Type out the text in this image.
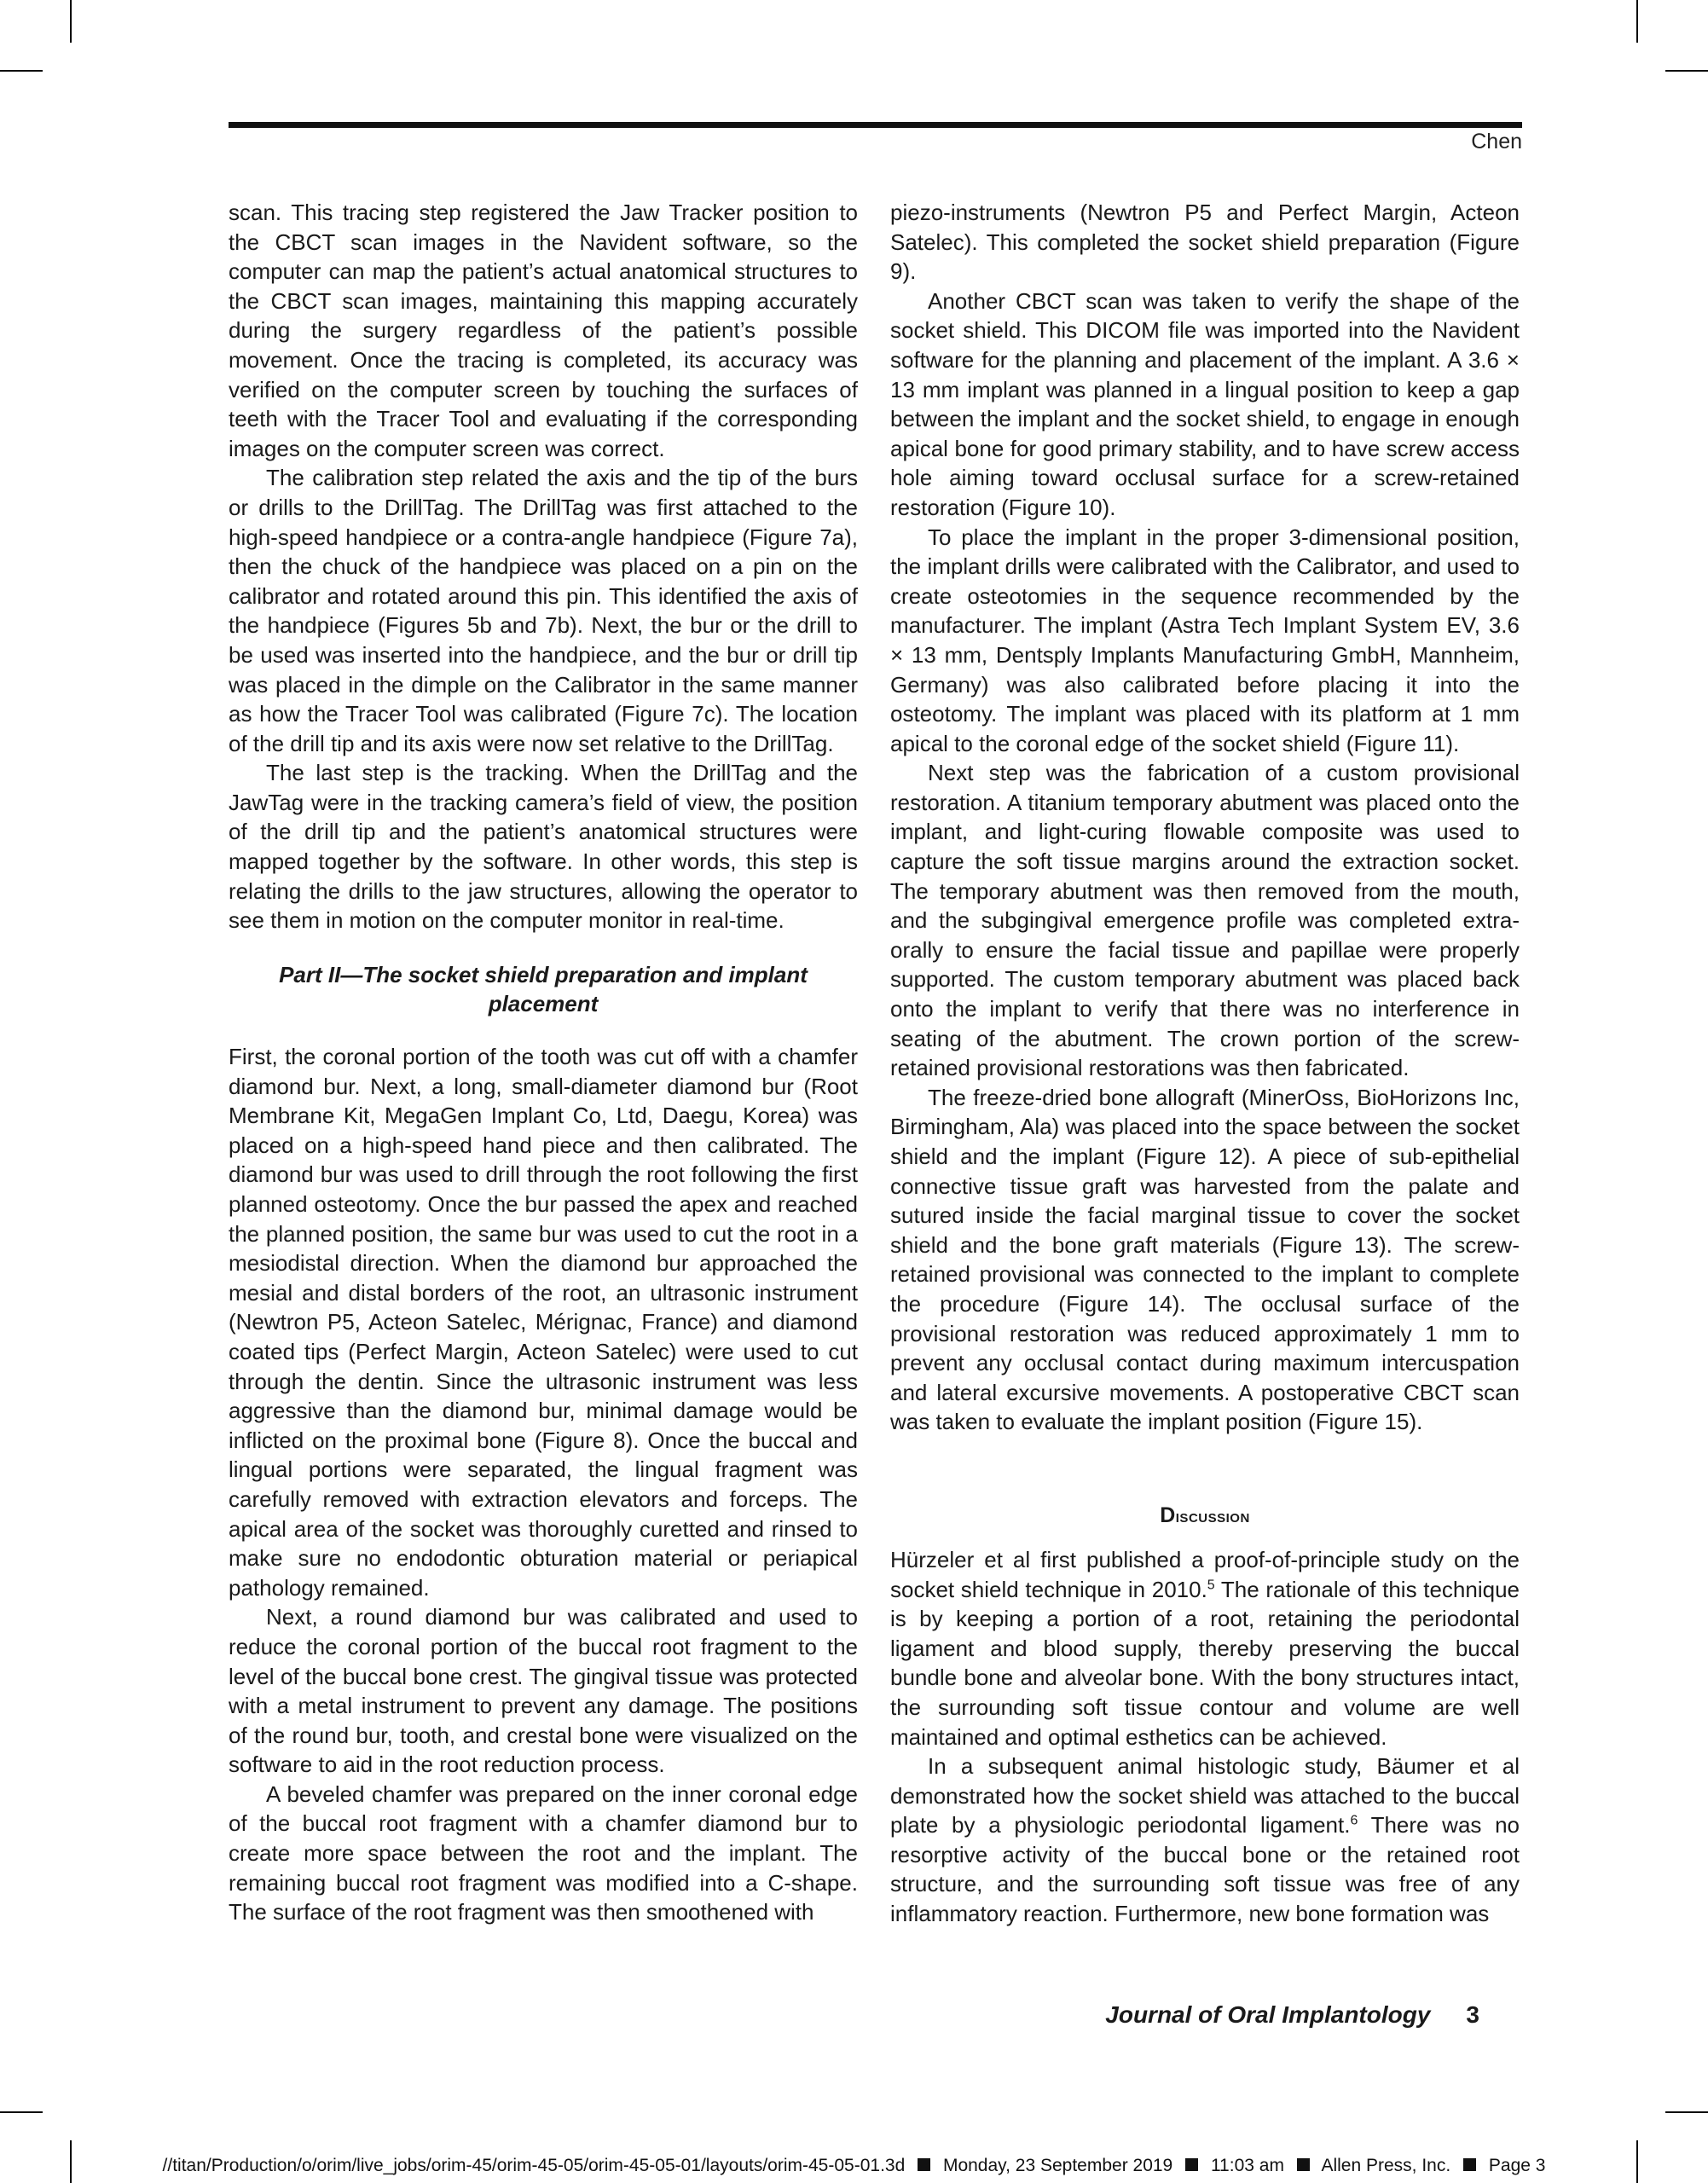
Chen

scan. This tracing step registered the Jaw Tracker position to the CBCT scan images in the Navident software, so the computer can map the patient’s actual anatomical structures to the CBCT scan images, maintaining this mapping accurately during the surgery regardless of the patient’s possible movement. Once the tracing is completed, its accuracy was verified on the computer screen by touching the surfaces of teeth with the Tracer Tool and evaluating if the corresponding images on the computer screen was correct.

The calibration step related the axis and the tip of the burs or drills to the DrillTag. The DrillTag was first attached to the high-speed handpiece or a contra-angle handpiece (Figure 7a), then the chuck of the handpiece was placed on a pin on the calibrator and rotated around this pin. This identified the axis of the handpiece (Figures 5b and 7b). Next, the bur or the drill to be used was inserted into the handpiece, and the bur or drill tip was placed in the dimple on the Calibrator in the same manner as how the Tracer Tool was calibrated (Figure 7c). The location of the drill tip and its axis were now set relative to the DrillTag.

The last step is the tracking. When the DrillTag and the JawTag were in the tracking camera’s field of view, the position of the drill tip and the patient’s anatomical structures were mapped together by the software. In other words, this step is relating the drills to the jaw structures, allowing the operator to see them in motion on the computer monitor in real-time.

Part II—The socket shield preparation and implant placement

First, the coronal portion of the tooth was cut off with a chamfer diamond bur. Next, a long, small-diameter diamond bur (Root Membrane Kit, MegaGen Implant Co, Ltd, Daegu, Korea) was placed on a high-speed hand piece and then calibrated. The diamond bur was used to drill through the root following the first planned osteotomy. Once the bur passed the apex and reached the planned position, the same bur was used to cut the root in a mesiodistal direction. When the diamond bur approached the mesial and distal borders of the root, an ultrasonic instrument (Newtron P5, Acteon Satelec, Mérignac, France) and diamond coated tips (Perfect Margin, Acteon Satelec) were used to cut through the dentin. Since the ultrasonic instrument was less aggressive than the diamond bur, minimal damage would be inflicted on the proximal bone (Figure 8). Once the buccal and lingual portions were separated, the lingual fragment was carefully removed with extraction elevators and forceps. The apical area of the socket was thoroughly curetted and rinsed to make sure no endodontic obturation material or periapical pathology remained.

Next, a round diamond bur was calibrated and used to reduce the coronal portion of the buccal root fragment to the level of the buccal bone crest. The gingival tissue was protected with a metal instrument to prevent any damage. The positions of the round bur, tooth, and crestal bone were visualized on the software to aid in the root reduction process.

A beveled chamfer was prepared on the inner coronal edge of the buccal root fragment with a chamfer diamond bur to create more space between the root and the implant. The remaining buccal root fragment was modified into a C-shape. The surface of the root fragment was then smoothened with

piezo-instruments (Newtron P5 and Perfect Margin, Acteon Satelec). This completed the socket shield preparation (Figure 9).

Another CBCT scan was taken to verify the shape of the socket shield. This DICOM file was imported into the Navident software for the planning and placement of the implant. A 3.6 × 13 mm implant was planned in a lingual position to keep a gap between the implant and the socket shield, to engage in enough apical bone for good primary stability, and to have screw access hole aiming toward occlusal surface for a screw-retained restoration (Figure 10).

To place the implant in the proper 3-dimensional position, the implant drills were calibrated with the Calibrator, and used to create osteotomies in the sequence recommended by the manufacturer. The implant (Astra Tech Implant System EV, 3.6 × 13 mm, Dentsply Implants Manufacturing GmbH, Mannheim, Germany) was also calibrated before placing it into the osteotomy. The implant was placed with its platform at 1 mm apical to the coronal edge of the socket shield (Figure 11).

Next step was the fabrication of a custom provisional restoration. A titanium temporary abutment was placed onto the implant, and light-curing flowable composite was used to capture the soft tissue margins around the extraction socket. The temporary abutment was then removed from the mouth, and the subgingival emergence profile was completed extra-orally to ensure the facial tissue and papillae were properly supported. The custom temporary abutment was placed back onto the implant to verify that there was no interference in seating of the abutment. The crown portion of the screw-retained provisional restorations was then fabricated.

The freeze-dried bone allograft (MinerOss, BioHorizons Inc, Birmingham, Ala) was placed into the space between the socket shield and the implant (Figure 12). A piece of sub-epithelial connective tissue graft was harvested from the palate and sutured inside the facial marginal tissue to cover the socket shield and the bone graft materials (Figure 13). The screw-retained provisional was connected to the implant to complete the procedure (Figure 14). The occlusal surface of the provisional restoration was reduced approximately 1 mm to prevent any occlusal contact during maximum intercuspation and lateral excursive movements. A postoperative CBCT scan was taken to evaluate the implant position (Figure 15).

Discussion

Hürzeler et al first published a proof-of-principle study on the socket shield technique in 2010.$^5$ The rationale of this technique is by keeping a portion of a root, retaining the periodontal ligament and blood supply, thereby preserving the buccal bundle bone and alveolar bone. With the bony structures intact, the surrounding soft tissue contour and volume are well maintained and optimal esthetics can be achieved.

In a subsequent animal histologic study, Bäumer et al demonstrated how the socket shield was attached to the buccal plate by a physiologic periodontal ligament.$^6$ There was no resorptive activity of the buccal bone or the retained root structure, and the surrounding soft tissue was free of any inflammatory reaction. Furthermore, new bone formation was

Journal of Oral Implantology 3
//titan/Production/o/orim/live_jobs/orim-45/orim-45-05/orim-45-05-01/layouts/orim-45-05-01.3d Monday, 23 September 2019 11:03 am Allen Press, Inc. Page 3
